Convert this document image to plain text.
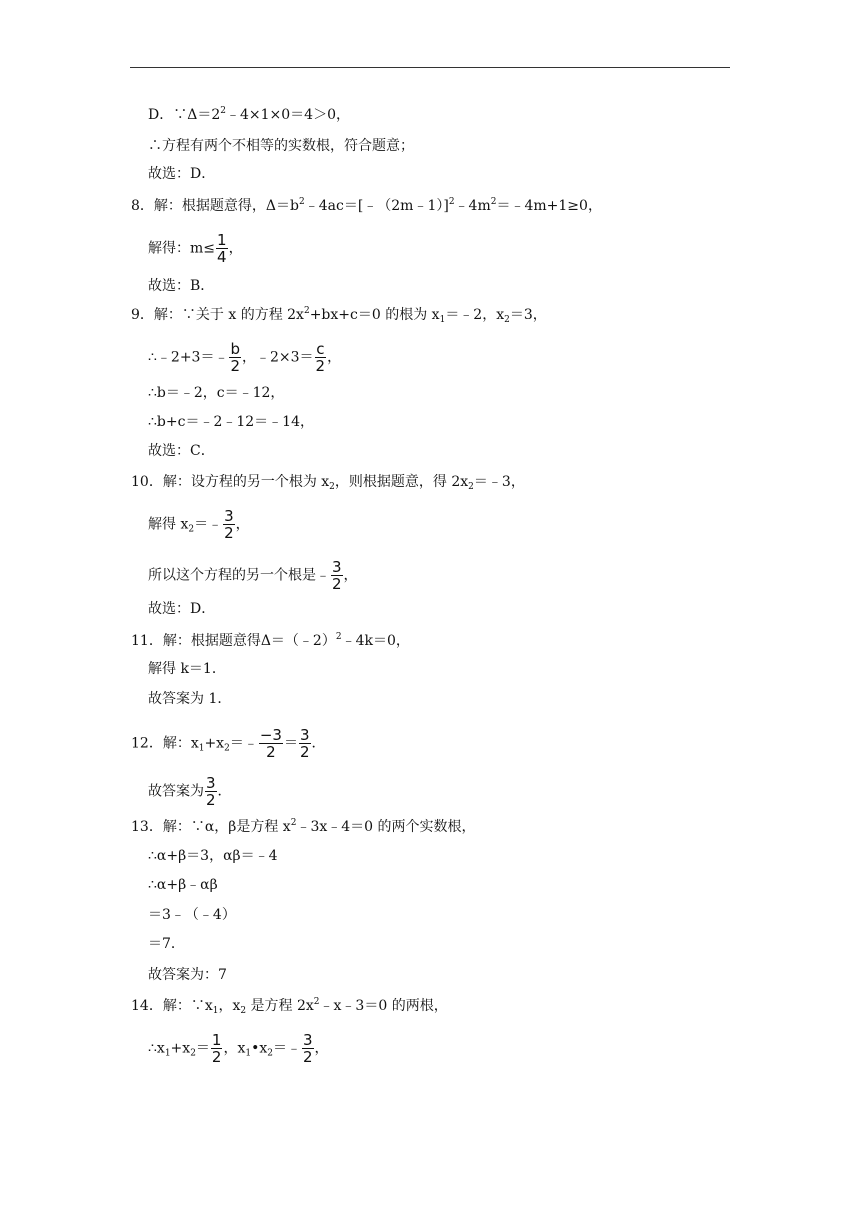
D．$\because\Delta=2^2﹣4\times 1\times 0=4>0$，
∴方程有两个不相等的实数根，符合题意；
故选：D．
8．解：根据题意得，$\Delta=b^2﹣4ac=[﹣(2m﹣1)]^2﹣4m^2=﹣4m+1\ge 0$，
解得：$m\le \frac{1}{4}$ ，
故选：B．
9．解：∵关于 x 的方程 $2x^2+bx+c=0$ 的根为 $x_1=﹣2$，$x_2=3$，
∴﹣2+3＝﹣ $\frac{b}{2}$ ，﹣2×3＝ $\frac{c}{2}$ ，
∴b＝﹣2，c＝﹣12，
∴b+c＝﹣2﹣12＝﹣14，
故选：C．
10．解：设方程的另一个根为 $x_2$，则根据题意，得 $2x_2=﹣3$，
解得 $x_2=﹣ \frac{3}{2}$ ，
所以这个方程的另一个根是﹣ $\frac{3}{2}$ ，
故选：D．
11．解：根据题意得Δ＝（﹣2）$^2$﹣4k＝0，
解得 k＝1．
故答案为 1．
12．解：$x_1+x_2=﹣ \frac{-3}{2} = \frac{3}{2}$ ．
故答案为 $\frac{3}{2}$ ．
13．解：∵α，β是方程 $x^2﹣3x﹣4=0$ 的两个实数根，
∴α+β＝3，αβ＝﹣4
∴α+β﹣αβ
＝3﹣（﹣4）
＝7．
故答案为：7
14．解：$\because x_1$，$x_2$ 是方程 $2x^2﹣x﹣3=0$ 的两根，
$\therefore x_1+x_2= \frac{1}{2}$ ，$x_1•x_2=﹣ \frac{3}{2}$ ，
